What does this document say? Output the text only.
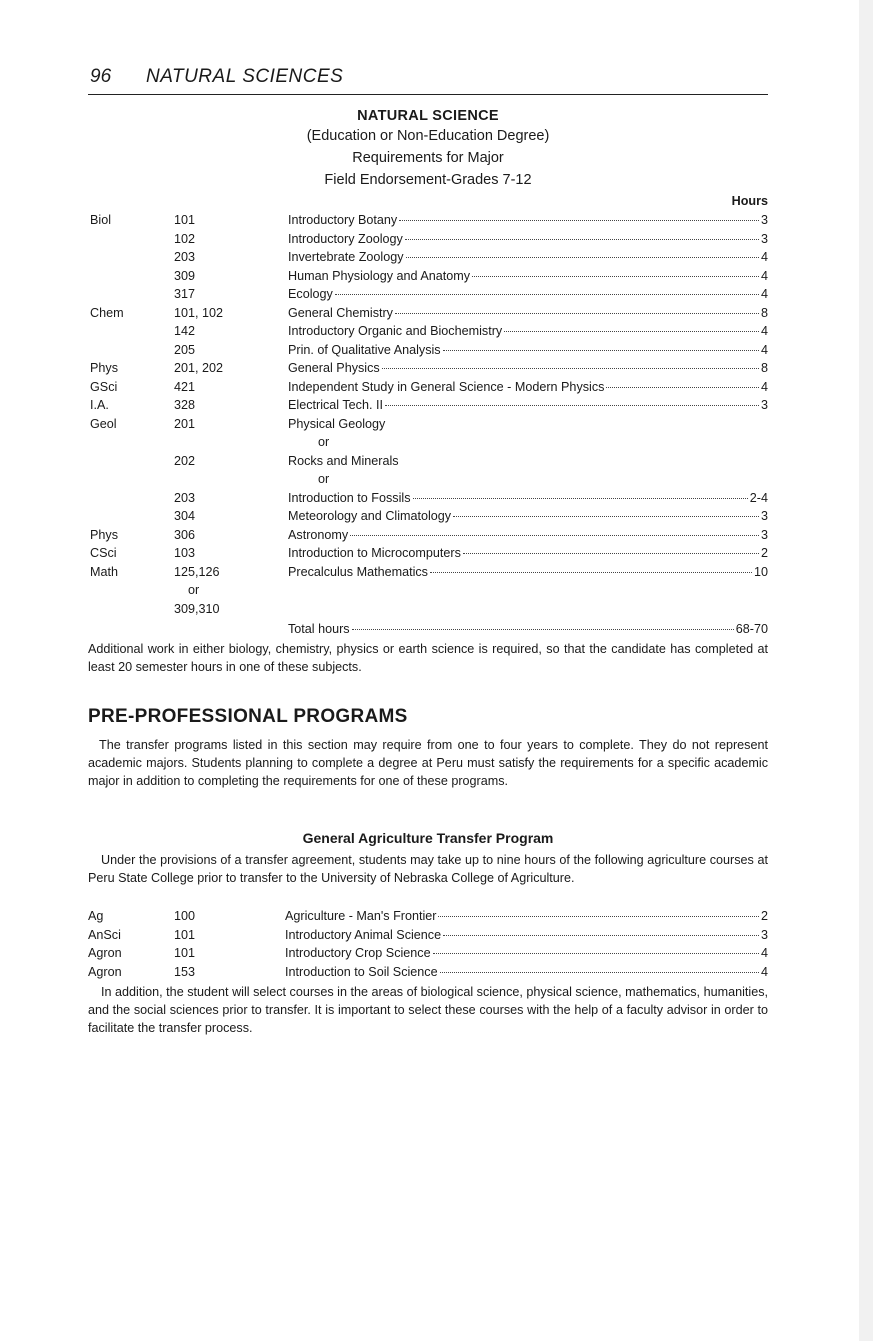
96 NATURAL SCIENCES
NATURAL SCIENCE
(Education or Non-Education Degree)
Requirements for Major
Field Endorsement-Grades 7-12
Hours
Biol	101	Introductory Botany	3
102	Introductory Zoology	3
203	Invertebrate Zoology	4
309	Human Physiology and Anatomy	4
317	Ecology	4
Chem	101, 102	General Chemistry	8
142	Introductory Organic and Biochemistry	4
205	Prin. of Qualitative Analysis	4
Phys	201, 202	General Physics	8
GSci	421	Independent Study in General Science - Modern Physics	4
I.A.	328	Electrical Tech. II	3
Geol	201	Physical Geology
or
202	Rocks and Minerals
or
203	Introduction to Fossils	2-4
304	Meteorology and Climatology	3
Phys	306	Astronomy	3
CSci	103	Introduction to Microcomputers	2
Math	125,126	Precalculus Mathematics	10
or
309,310
Total hours	68-70
Additional work in either biology, chemistry, physics or earth science is required, so that the candidate has completed at least 20 semester hours in one of these subjects.
PRE-PROFESSIONAL PROGRAMS
The transfer programs listed in this section may require from one to four years to complete. They do not represent academic majors. Students planning to complete a degree at Peru must satisfy the requirements for a specific academic major in addition to completing the requirements for one of these programs.
General Agriculture Transfer Program
Under the provisions of a transfer agreement, students may take up to nine hours of the following agriculture courses at Peru State College prior to transfer to the University of Nebraska College of Agriculture.
Ag	100	Agriculture - Man's Frontier	2
AnSci	101	Introductory Animal Science	3
Agron	101	Introductory Crop Science	4
Agron	153	Introduction to Soil Science	4
In addition, the student will select courses in the areas of biological science, physical science, mathematics, humanities, and the social sciences prior to transfer. It is important to select these courses with the help of a faculty advisor in order to facilitate the transfer process.
